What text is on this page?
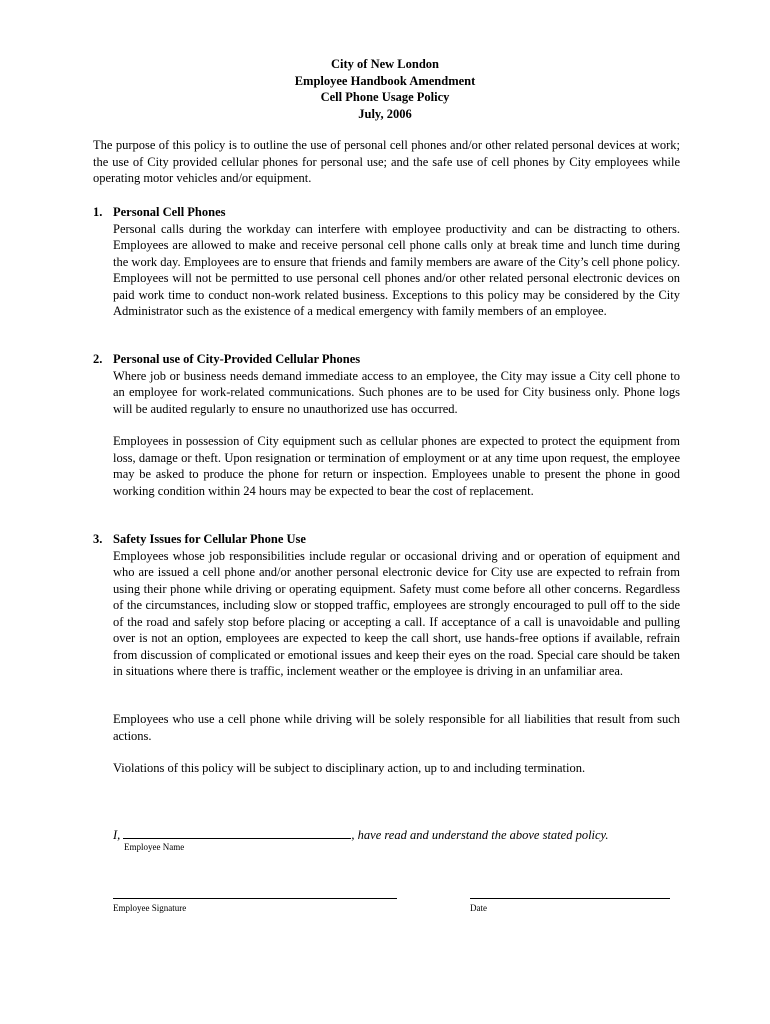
City of New London
Employee Handbook Amendment
Cell Phone Usage Policy
July, 2006

The purpose of this policy is to outline the use of personal cell phones and/or other related personal devices at work; the use of City provided cellular phones for personal use; and the safe use of cell phones by City employees while operating motor vehicles and/or equipment.

1. Personal Cell Phones

Personal calls during the workday can interfere with employee productivity and can be distracting to others. Employees are allowed to make and receive personal cell phone calls only at break time and lunch time during the work day. Employees are to ensure that friends and family members are aware of the City’s cell phone policy. Employees will not be permitted to use personal cell phones and/or other related personal electronic devices on paid work time to conduct non-work related business. Exceptions to this policy may be considered by the City Administrator such as the existence of a medical emergency with family members of an employee.

2. Personal use of City-Provided Cellular Phones

Where job or business needs demand immediate access to an employee, the City may issue a City cell phone to an employee for work-related communications. Such phones are to be used for City business only. Phone logs will be audited regularly to ensure no unauthorized use has occurred.

Employees in possession of City equipment such as cellular phones are expected to protect the equipment from loss, damage or theft. Upon resignation or termination of employment or at any time upon request, the employee may be asked to produce the phone for return or inspection. Employees unable to present the phone in good working condition within 24 hours may be expected to bear the cost of replacement.

3. Safety Issues for Cellular Phone Use

Employees whose job responsibilities include regular or occasional driving and or operation of equipment and who are issued a cell phone and/or another personal electronic device for City use are expected to refrain from using their phone while driving or operating equipment. Safety must come before all other concerns. Regardless of the circumstances, including slow or stopped traffic, employees are strongly encouraged to pull off to the side of the road and safely stop before placing or accepting a call. If acceptance of a call is unavoidable and pulling over is not an option, employees are expected to keep the call short, use hands-free options if available, refrain from discussion of complicated or emotional issues and keep their eyes on the road. Special care should be taken in situations where there is traffic, inclement weather or the employee is driving in an unfamiliar area.

Employees who use a cell phone while driving will be solely responsible for all liabilities that result from such actions.

Violations of this policy will be subject to disciplinary action, up to and including termination.

I,	, have read and understand the above stated policy.
Employee Name
Employee Signature	Date
